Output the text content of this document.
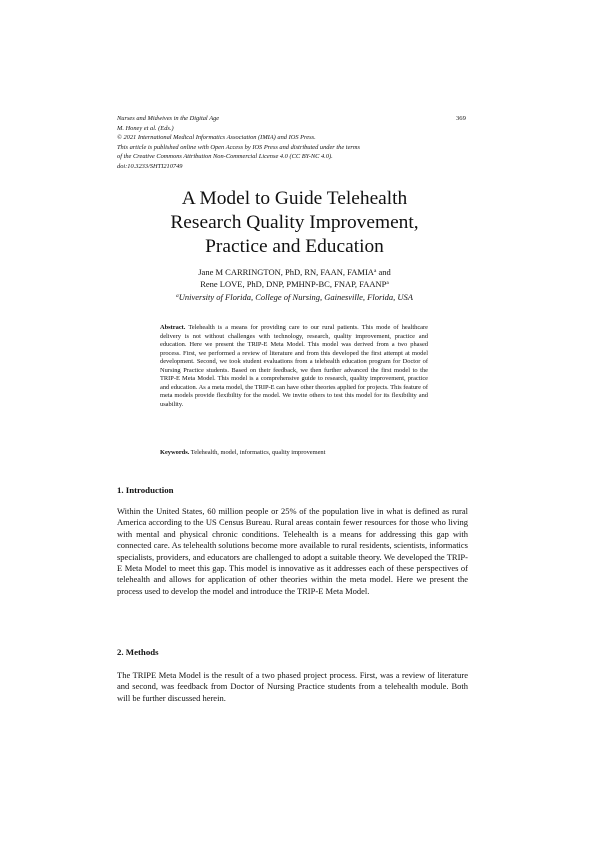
Nurses and Midwives in the Digital Age
M. Honey et al. (Eds.)
© 2021 International Medical Informatics Association (IMIA) and IOS Press.
This article is published online with Open Access by IOS Press and distributed under the terms
of the Creative Commons Attribution Non-Commercial License 4.0 (CC BY-NC 4.0).
doi:10.3233/SHTI210749
369
A Model to Guide Telehealth
Research Quality Improvement,
Practice and Education
Jane M CARRINGTON, PhD, RN, FAAN, FAMIA$^a$ and
Rene LOVE, PhD, DNP, PMHNP-BC, FNAP, FAANP$^a$
$^a$University of Florida, College of Nursing, Gainesville, Florida, USA
Abstract. Telehealth is a means for providing care to our rural patients. This mode of healthcare delivery is not without challenges with technology, research, quality improvement, practice and education. Here we present the TRIP-E Meta Model. This model was derived from a two phased process. First, we performed a review of literature and from this developed the first attempt at model development. Second, we took student evaluations from a telehealth education program for Doctor of Nursing Practice students. Based on their feedback, we then further advanced the first model to the TRIP-E Meta Model. This model is a comprehensive guide to research, quality improvement, practice and education. As a meta model, the TRIP-E can have other theories applied for projects. This feature of meta models provide flexibility for the model. We invite others to test this model for its flexibility and usability.
Keywords. Telehealth, model, informatics, quality improvement
1. Introduction
Within the United States, 60 million people or 25% of the population live in what is defined as rural America according to the US Census Bureau. Rural areas contain fewer resources for those who living with mental and physical chronic conditions. Telehealth is a means for addressing this gap with connected care. As telehealth solutions become more available to rural residents, scientists, informatics specialists, providers, and educators are challenged to adopt a suitable theory. We developed the TRIP-E Meta Model to meet this gap. This model is innovative as it addresses each of these perspectives of telehealth and allows for application of other theories within the meta model. Here we present the process used to develop the model and introduce the TRIP-E Meta Model.
2. Methods
The TRIPE Meta Model is the result of a two phased project process. First, was a review of literature and second, was feedback from Doctor of Nursing Practice students from a telehealth module. Both will be further discussed herein.
